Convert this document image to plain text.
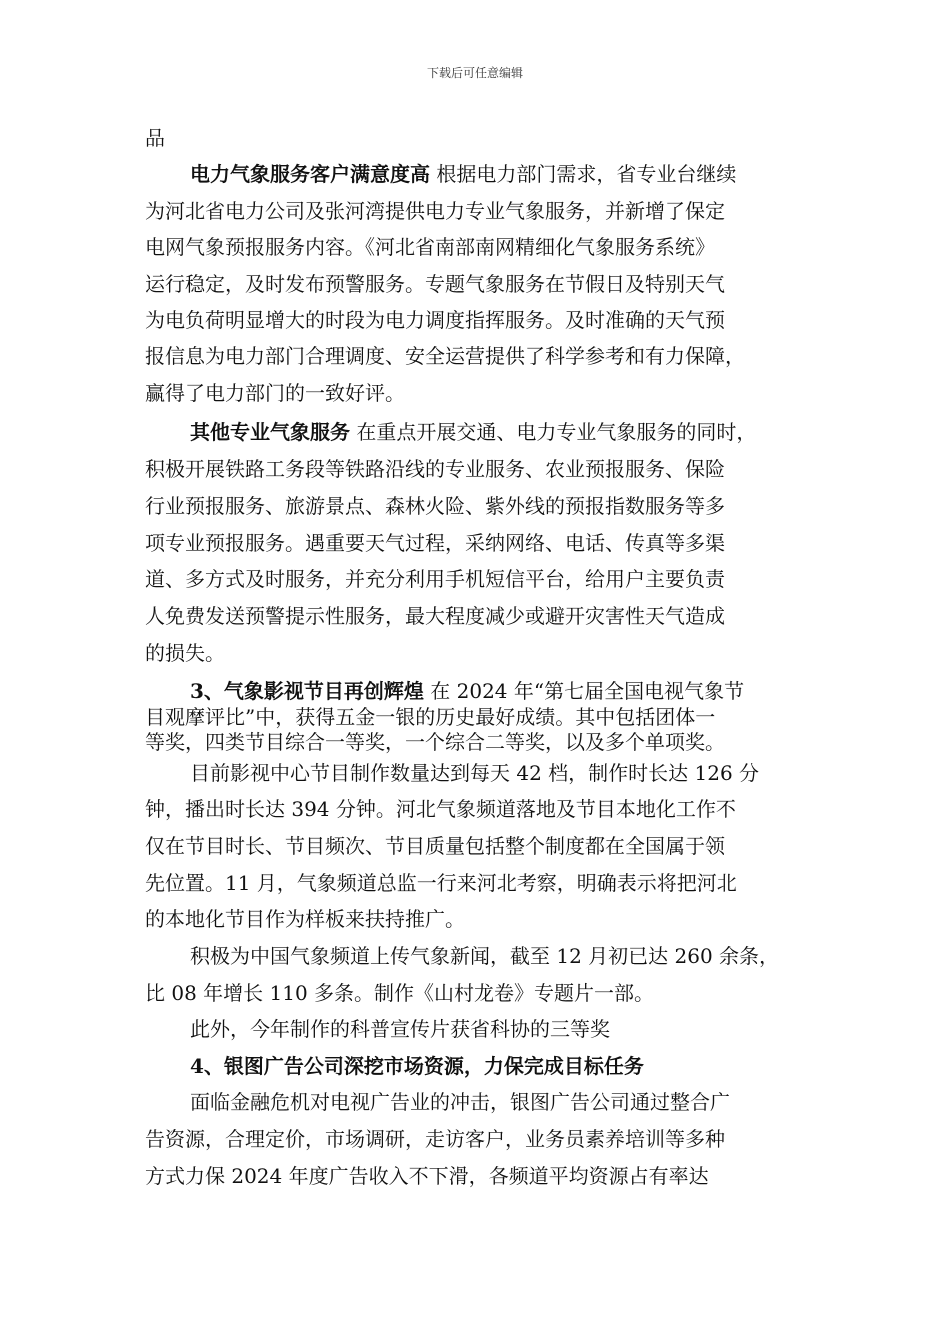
下载后可任意编辑
品
电力气象服务客户满意度高 根据电力部门需求，省专业台继续
为河北省电力公司及张河湾提供电力专业气象服务，并新增了保定
电网气象预报服务内容。《河北省南部南网精细化气象服务系统》
运行稳定，及时发布预警服务。专题气象服务在节假日及特别天气
为电负荷明显增大的时段为电力调度指挥服务。及时准确的天气预
报信息为电力部门合理调度、安全运营提供了科学参考和有力保障，
赢得了电力部门的一致好评。
其他专业气象服务 在重点开展交通、电力专业气象服务的同时，
积极开展铁路工务段等铁路沿线的专业服务、农业预报服务、保险
行业预报服务、旅游景点、森林火险、紫外线的预报指数服务等多
项专业预报服务。遇重要天气过程，采纳网络、电话、传真等多渠
道、多方式及时服务，并充分利用手机短信平台，给用户主要负责
人免费发送预警提示性服务，最大程度减少或避开灾害性天气造成
的损失。
3、气象影视节目再创辉煌 在 2024 年“第七届全国电视气象节
目观摩评比”中，获得五金一银的历史最好成绩。其中包括团体一
等奖，四类节目综合一等奖，一个综合二等奖，以及多个单项奖。
目前影视中心节目制作数量达到每天 42 档，制作时长达 126 分
钟，播出时长达 394 分钟。河北气象频道落地及节目本地化工作不
仅在节目时长、节目频次、节目质量包括整个制度都在全国属于领
先位置。11 月，气象频道总监一行来河北考察，明确表示将把河北
的本地化节目作为样板来扶持推广。
积极为中国气象频道上传气象新闻，截至 12 月初已达 260 余条，
比 08 年增长 110 多条。制作《山村龙卷》专题片一部。
此外，今年制作的科普宣传片获省科协的三等奖
4、银图广告公司深挖市场资源，力保完成目标任务
面临金融危机对电视广告业的冲击，银图广告公司通过整合广
告资源，合理定价，市场调研，走访客户，业务员素养培训等多种
方式力保 2024 年度广告收入不下滑，各频道平均资源占有率达
